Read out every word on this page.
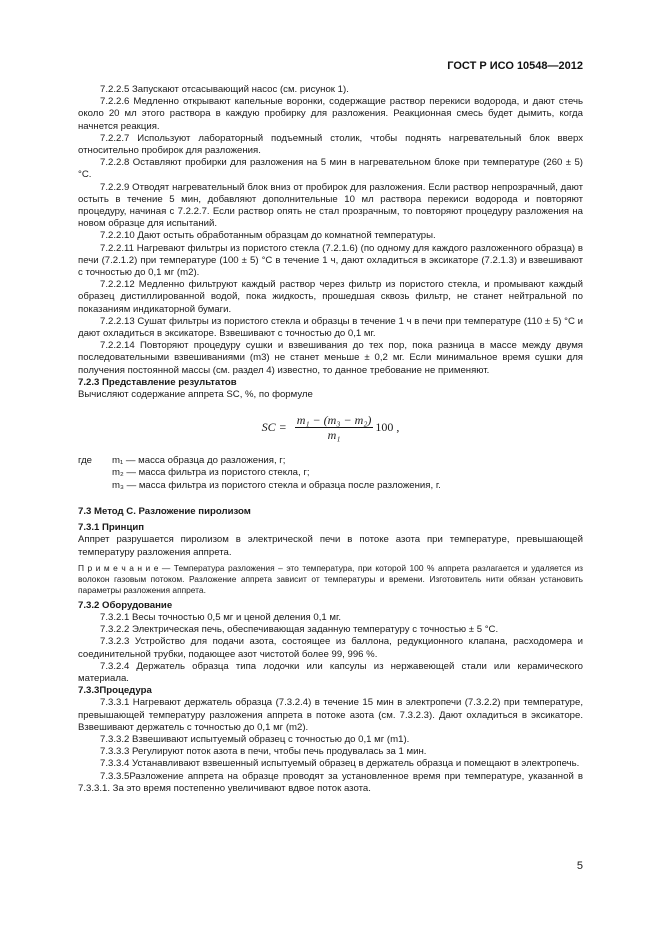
ГОСТ Р ИСО 10548—2012

7.2.2.5 Запускают отсасывающий насос (см. рисунок 1).

7.2.2.6 Медленно открывают капельные воронки, содержащие раствор перекиси водорода, и дают стечь около 20 мл этого раствора в каждую пробирку для разложения. Реакционная смесь будет дымить, когда начнется реакция.

7.2.2.7 Используют лабораторный подъемный столик, чтобы поднять нагревательный блок вверх относительно пробирок для разложения.

7.2.2.8 Оставляют пробирки для разложения на 5 мин в нагревательном блоке при температуре (260 ± 5) °С.

7.2.2.9 Отводят нагревательный блок вниз от пробирок для разложения. Если раствор непрозрачный, дают остыть в течение 5 мин, добавляют дополнительные 10 мл раствора перекиси водорода и повторяют процедуру, начиная с 7.2.2.7. Если раствор опять не стал прозрачным, то повторяют процедуру разложения на новом образце для испытаний.

7.2.2.10 Дают остыть обработанным образцам до комнатной температуры.

7.2.2.11 Нагревают фильтры из пористого стекла (7.2.1.6) (по одному для каждого разложенного образца) в печи (7.2.1.2) при температуре (100 ± 5) °С в течение 1 ч, дают охладиться в эксикаторе (7.2.1.3) и взвешивают с точностью до 0,1 мг (m2).

7.2.2.12 Медленно фильтруют каждый раствор через фильтр из пористого стекла, и промывают каждый образец дистиллированной водой, пока жидкость, прошедшая сквозь фильтр, не станет нейтральной по показаниям индикаторной бумаги.

7.2.2.13 Сушат фильтры из пористого стекла и образцы в течение 1 ч в печи при температуре (110 ± 5) °С и дают охладиться в эксикаторе. Взвешивают с точностью до 0,1 мг.

7.2.2.14 Повторяют процедуру сушки и взвешивания до тех пор, пока разница в массе между двумя последовательными взвешиваниями (m3) не станет меньше ± 0,2 мг. Если минимальное время сушки для получения постоянной массы (см. раздел 4) известно, то данное требование не применяют.

7.2.3 Представление результатов

Вычисляют содержание аппрета SC, %, по формуле

SC = $\frac{\text{m₁ − (m₃ − m₂)}}{\text{m₁}} 100$ ,
где	m₁ — масса образца до разложения, г;

m₂ — масса фильтра из пористого стекла, г;

m₃ — масса фильтра из пористого стекла и образца после разложения, г.

7.3 Метод С. Разложение пиролизом

7.3.1 Принцип

Аппрет разрушается пиролизом в электрической печи в потоке азота при температуре, превышающей температуру разложения аппрета.

П р и м е ч а н и е — Температура разложения – это температура, при которой 100 % аппрета разлагается и удаляется из волокон газовым потоком. Разложение аппрета зависит от температуры и времени. Изготовитель нити обязан установить параметры разложения аппрета.

7.3.2 Оборудование

7.3.2.1 Весы точностью 0,5 мг и ценой деления 0,1 мг.

7.3.2.2 Электрическая печь, обеспечивающая заданную температуру с точностью ± 5 °С.

7.3.2.3 Устройство для подачи азота, состоящее из баллона, редукционного клапана, расходомера и соединительной трубки, подающее азот чистотой более 99, 996 %.

7.3.2.4 Держатель образца типа лодочки или капсулы из нержавеющей стали или керамического материала.

7.3.3Процедура

7.3.3.1 Нагревают держатель образца (7.3.2.4) в течение 15 мин в электропечи (7.3.2.2) при температуре, превышающей температуру разложения аппрета в потоке азота (см. 7.3.2.3). Дают охладиться в эксикаторе. Взвешивают держатель с точностью до 0,1 мг (m2).

7.3.3.2 Взвешивают испытуемый образец с точностью до 0,1 мг (m1).

7.3.3.3 Регулируют поток азота в печи, чтобы печь продувалась за 1 мин.

7.3.3.4 Устанавливают взвешенный испытуемый образец в держатель образца и помещают в электропечь.

7.3.3.5Разложение аппрета на образце проводят за установленное время при температуре, указанной в 7.3.3.1. За это время постепенно увеличивают вдвое поток азота.

5
